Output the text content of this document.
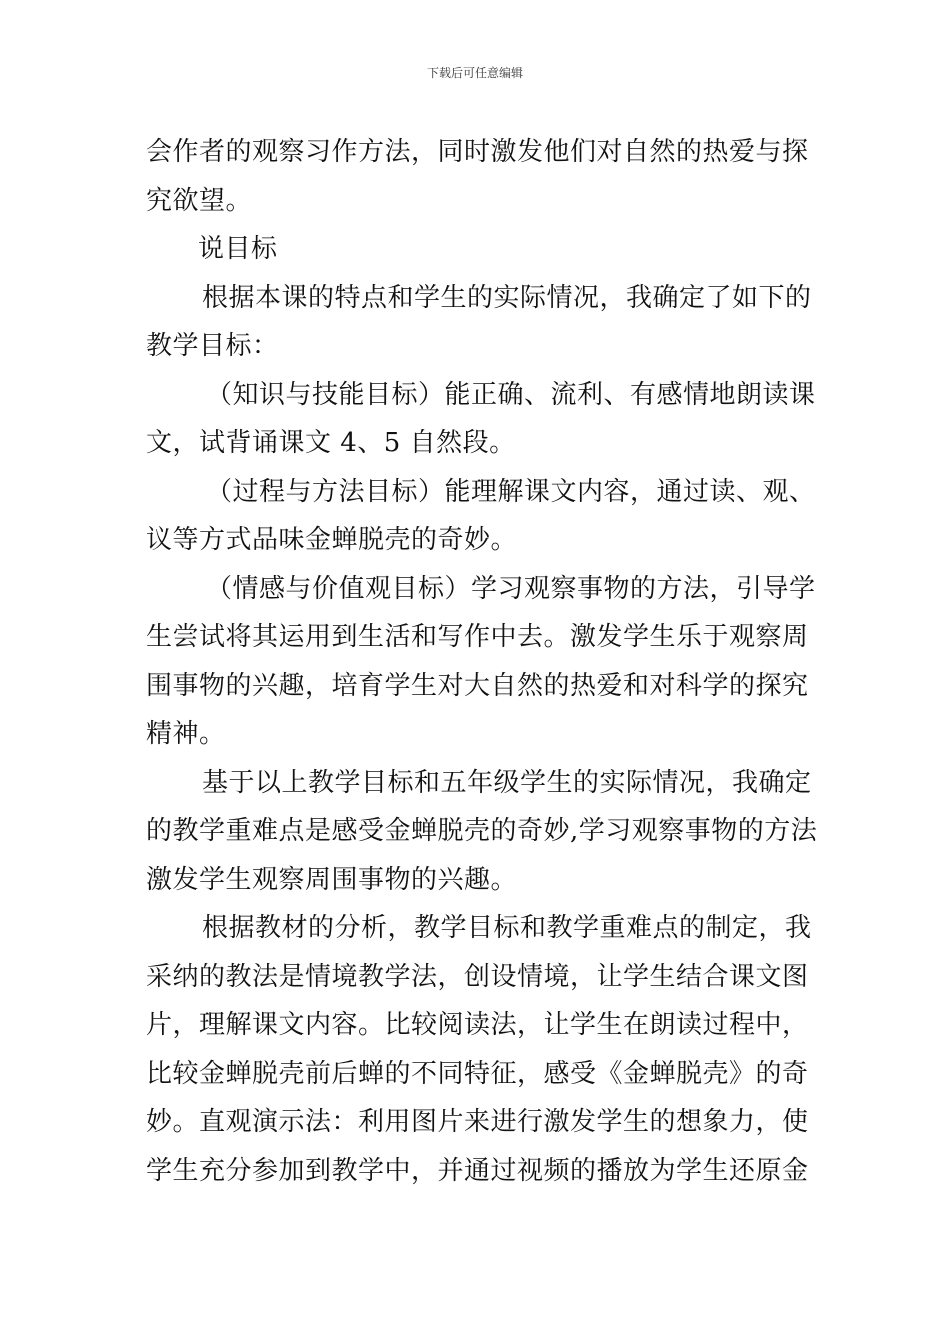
下载后可任意编辑
会作者的观察习作方法，同时激发他们对自然的热爱与探
究欲望。
说目标
根据本课的特点和学生的实际情况，我确定了如下的
教学目标：
（知识与技能目标）能正确、流利、有感情地朗读课
文，试背诵课文 4、5 自然段。
（过程与方法目标）能理解课文内容，通过读、观、
议等方式品味金蝉脱壳的奇妙。
（情感与价值观目标）学习观察事物的方法，引导学
生尝试将其运用到生活和写作中去。激发学生乐于观察周
围事物的兴趣，培育学生对大自然的热爱和对科学的探究
精神。
基于以上教学目标和五年级学生的实际情况，我确定
的教学重难点是感受金蝉脱壳的奇妙,学习观察事物的方法
激发学生观察周围事物的兴趣。
根据教材的分析，教学目标和教学重难点的制定，我
采纳的教法是情境教学法，创设情境，让学生结合课文图
片，理解课文内容。比较阅读法，让学生在朗读过程中，
比较金蝉脱壳前后蝉的不同特征，感受《金蝉脱壳》的奇
妙。直观演示法：利用图片来进行激发学生的想象力，使
学生充分参加到教学中，并通过视频的播放为学生还原金
